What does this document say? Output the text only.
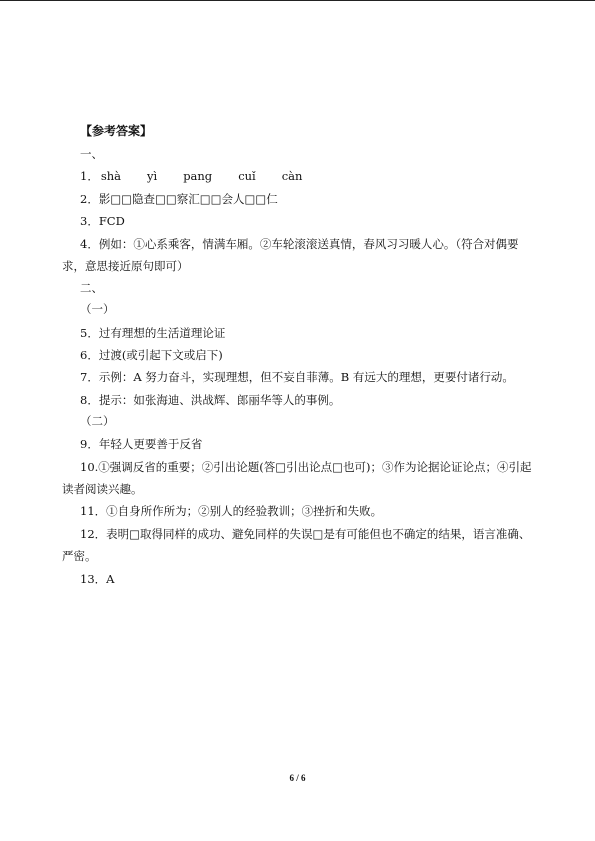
【参考答案】
一、
1． shà yì pang cuǐ càn
2．影□□隐查□□察汇□□会人□□仁
3．FCD
4．例如：①心系乘客，情满车厢。②车轮滚滚送真情，春风习习暖人心。（符合对偶要
求，意思接近原句即可）
二、
（一）
5．过有理想的生活道理论证
6．过渡(或引起下文或启下)
7．示例：A 努力奋斗，实现理想，但不妄自菲薄。B 有远大的理想，更要付诸行动。
8．提示：如张海迪、洪战辉、郎丽华等人的事例。
（二）
9．年轻人更要善于反省
10.①强调反省的重要；②引出论题(答□引出论点□也可)；③作为论据论证论点；④引起
读者阅读兴趣。
11．①自身所作所为；②别人的经验教训；③挫折和失败。
12．表明□取得同样的成功、避免同样的失误□是有可能但也不确定的结果，语言准确、
严密。
13．A
6 / 6
